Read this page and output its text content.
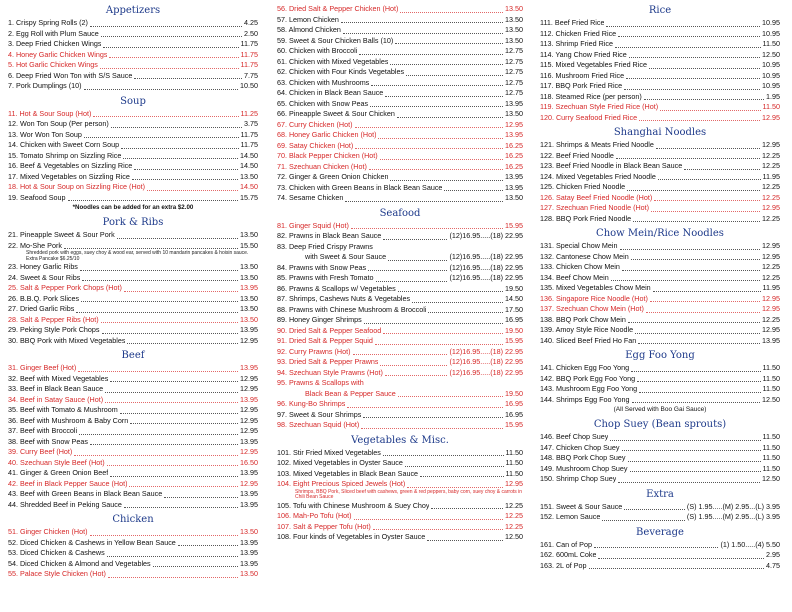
Appetizers
1. Crispy Spring Rolls (2)	4.25
2. Egg Roll with Plum Sauce	2.50
3. Deep Fried Chicken Wings	11.75
4. Honey Garlic Chicken Wings	11.75
5. Hot Garlic Chicken Wings	11.75
6. Deep Fried Won Ton with S/S Sauce	7.75
7. Pork Dumplings (10)	10.50
Soup
11. Hot & Sour Soup (Hot)	11.25
12. Won Ton Soup (Per person)	3.75
13. Wor Won Ton Soup	11.75
14. Chicken with Sweet Corn Soup	11.75
15. Tomato Shrimp on Sizzling Rice	14.50
16. Beef & Vegetables on Sizzling Rice	14.50
17. Mixed Vegetables on Sizzling Rice	13.50
18. Hot & Sour Soup on Sizzling Rice (Hot)	14.50
19. Seafood Soup	15.75
*Noodles can be added for an extra $2.00
Pork & Ribs
21. Pineapple Sweet & Sour Pork	13.50
22. Mo-She Pork	15.50
Shredded pork with eggs, suey choy & wood ear, served with 10 mandarin pancakes & hoisin sauce. Extra Pancake $6.25/10
23. Honey Garlic Ribs	13.50
24. Sweet & Sour Ribs	13.50
25. Salt & Pepper Pork Chops (Hot)	13.95
26. B.B.Q. Pork Slices	13.50
27. Dried Garlic Ribs	13.50
28. Salt & Pepper Ribs (Hot)	13.50
29. Peking Style Pork Chops	13.95
30. BBQ Pork with Mixed Vegetables	12.95
Beef
31. Ginger Beef (Hot)	13.95
32. Beef with Mixed Vegetables	12.95
33. Beef in Black Bean Sauce	12.95
34. Beef in Satay Sauce (Hot)	13.95
35. Beef with Tomato & Mushroom	12.95
36. Beef with Mushroom & Baby Corn	12.95
37. Beef with Broccoli	12.95
38. Beef with Snow Peas	13.95
39. Curry Beef (Hot)	12.95
40. Szechuan Style Beef (Hot)	16.50
41. Ginger & Green Onion Beef	13.95
42. Beef in Black Pepper Sauce (Hot)	12.95
43. Beef with Green Beans in Black Bean Sauce	13.95
44. Shredded Beef in Peking Sauce	13.95
Chicken
51. Ginger Chicken (Hot)	13.50
52. Diced Chicken & Cashews in Yellow Bean Sauce	13.95
53. Diced Chicken & Cashews	13.95
54. Diced Chicken & Almond and Vegetables	13.95
55. Palace Style Chicken (Hot)	13.50
56. Dried Salt & Pepper Chicken (Hot)	13.50
57. Lemon Chicken	13.50
58. Almond Chicken	13.50
59. Sweet & Sour Chicken Balls (10)	13.50
60. Chicken with Broccoli	12.75
61. Chicken with Mixed Vegetables	12.75
62. Chicken with Four Kinds Vegetables	12.75
63. Chicken with Mushrooms	12.75
64. Chicken in Black Bean Sauce	12.75
65. Chicken with Snow Peas	13.95
66. Pineapple Sweet & Sour Chicken	13.50
67. Curry Chicken (Hot)	12.95
68. Honey Garlic Chicken (Hot)	13.95
69. Satay Chicken (Hot)	16.25
70. Black Pepper Chicken (Hot)	16.25
71. Szechuan Chicken (Hot)	16.25
72. Ginger & Green Onion Chicken	13.95
73. Chicken with Green Beans in Black Bean Sauce	13.95
74. Sesame Chicken	13.50
Seafood
81. Ginger Squid (Hot)	15.95
82. Prawns in Black Bean Sauce	(12)16.95.....(18) 22.95
83. Deep Fried Crispy Prawns
with Sweet & Sour Sauce	(12)16.95.....(18) 22.95
84. Prawns with Snow Peas	(12)16.95.....(18) 22.95
85. Prawns with Fresh Tomato	(12)16.95.....(18) 22.95
86. Prawns & Scallops w/ Vegetables	19.50
87. Shrimps, Cashews Nuts & Vegetables	14.50
88. Prawns with Chinese Mushroom & Broccoli	17.50
89. Honey Ginger Shrimps	16.95
90. Dried Salt & Pepper Seafood	19.50
91. Dried Salt & Pepper Squid	15.95
92. Curry Prawns (Hot)	(12)16.95.....(18) 22.95
93. Dried Salt & Pepper Prawns	(12)16.95.....(18) 22.95
94. Szechuan Style Prawns (Hot)	(12)16.95.....(18) 22.95
95. Prawns & Scallops with
Black Bean & Pepper Sauce	19.50
96. Kung-Bo Shrimps	16.95
97. Sweet & Sour Shrimps	16.95
98. Szechuan Squid (Hot)	15.95
Vegetables & Misc.
101. Stir Fried Mixed Vegetables	11.50
102. Mixed Vegetables in Oyster Sauce	11.50
103. Mixed Vegetables in Black Bean Sauce	11.50
104. Eight Precious Spiced Jewels (Hot)	12.95
Shrimps, BBQ Pork, Sliced beef with cashews, green & red peppers, baby corn, suey choy & carrots in Chili Bean Sauce
105. Tofu with Chinese Mushroom & Suey Choy	12.25
106. Mah-Po Tofu (Hot)	12.25
107. Salt & Pepper Tofu (Hot)	12.25
108. Four kinds of Vegetables in Oyster Sauce	12.50
Rice
111. Beef Fried Rice	10.95
112. Chicken Fried Rice	10.95
113. Shrimp Fried Rice	11.50
114. Yang Chow Fried Rice	12.50
115. Mixed Vegetables Fried Rice	10.95
116. Mushroom Fried Rice	10.95
117. BBQ Pork Fried Rice	10.95
118. Steamed Rice (per person)	1.95
119. Szechuan Style Fried Rice (Hot)	11.50
120. Curry Seafood Fried Rice	12.95
Shanghai Noodles
121. Shrimps & Meats Fried Noodle	12.95
122. Beef Fried Noodle	12.25
123. Beef Fried Noodle in Black Bean Sauce	12.25
124. Mixed Vegetables Fried Noodle	11.95
125. Chicken Fried Noodle	12.25
126. Satay Beef Fried Noodle (Hot)	12.25
127. Szechuan Fried Noodle (Hot)	12.95
128. BBQ Pork Fried Noodle	12.25
Chow Mein/Rice Noodles
131. Special Chow Mein	12.95
132. Cantonese Chow Mein	12.95
133. Chicken Chow Mein	12.25
134. Beef Chow Mein	12.25
135. Mixed Vegetables Chow Mein	11.95
136. Singapore Rice Noodle (Hot)	12.95
137. Szechuan Chow Mein (Hot)	12.95
138. BBQ Pork Chow Mein	12.25
139. Amoy Style Rice Noodle	12.95
140. Sliced Beef Fried Ho Fan	13.95
Egg Foo Yong
141. Chicken Egg Foo Yong	11.50
142. BBQ Pork Egg Foo Yong	11.50
143. Mushroom Egg Foo Yong	11.50
144. Shrimps Egg Foo Yong	12.50
(All Served with Boo Gai Sauce)
Chop Suey (Bean sprouts)
146. Beef Chop Suey	11.50
147. Chicken Chop Suey	11.50
148. BBQ Pork Chop Suey	11.50
149. Mushroom Chop Suey	11.50
150. Shrimp Chop Suey	12.50
Extra
151. Sweet & Sour Sauce	(S) 1.95.....(M) 2.95...(L) 3.95
152. Lemon Sauce	(S) 1.95.....(M) 2.95...(L) 3.95
Beverage
161. Can of Pop	(1) 1.50.....(4) 5.50
162. 600mL Coke	2.95
163. 2L of Pop	4.75
